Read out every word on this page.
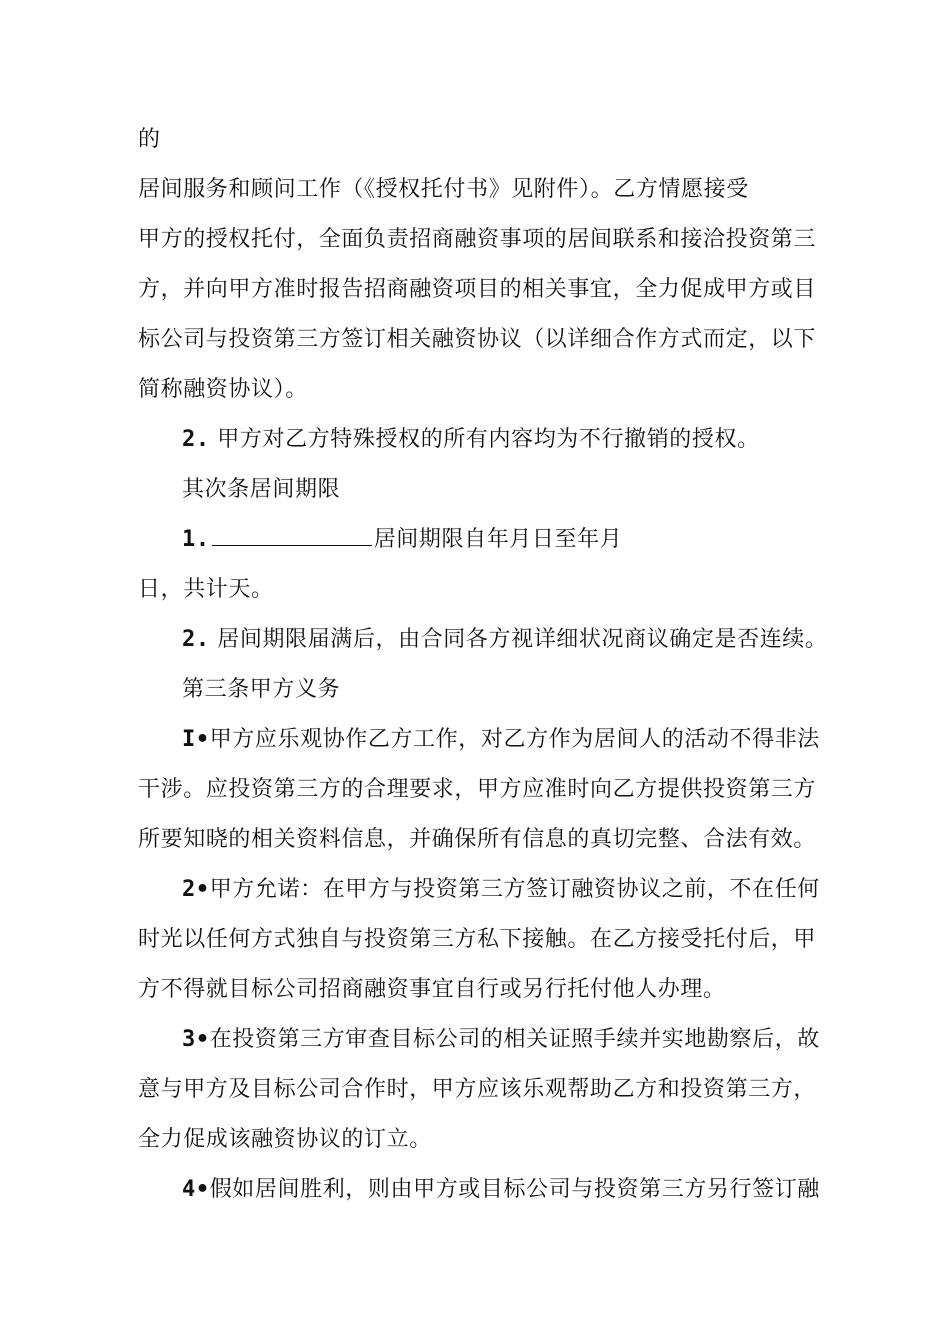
的
居间服务和顾问工作（《授权托付书》见附件）。乙方情愿接受
甲方的授权托付，全面负责招商融资事项的居间联系和接洽投资第三
方，并向甲方准时报告招商融资项目的相关事宜，全力促成甲方或目
标公司与投资第三方签订相关融资协议（以详细合作方式而定，以下
简称融资协议）。
2. 甲方对乙方特殊授权的所有内容均为不行撤销的授权。
其次条居间期限
1.	居间期限自年月日至年月
日，共计天。
2. 居间期限届满后，由合同各方视详细状况商议确定是否连续。
第三条甲方义务
I•甲方应乐观协作乙方工作，对乙方作为居间人的活动不得非法
干涉。应投资第三方的合理要求，甲方应准时向乙方提供投资第三方
所要知晓的相关资料信息，并确保所有信息的真切完整、合法有效。
2•甲方允诺：在甲方与投资第三方签订融资协议之前，不在任何
时光以任何方式独自与投资第三方私下接触。在乙方接受托付后，甲
方不得就目标公司招商融资事宜自行或另行托付他人办理。
3•在投资第三方审查目标公司的相关证照手续并实地勘察后，故
意与甲方及目标公司合作时，甲方应该乐观帮助乙方和投资第三方，
全力促成该融资协议的订立。
4•假如居间胜利，则由甲方或目标公司与投资第三方另行签订融
